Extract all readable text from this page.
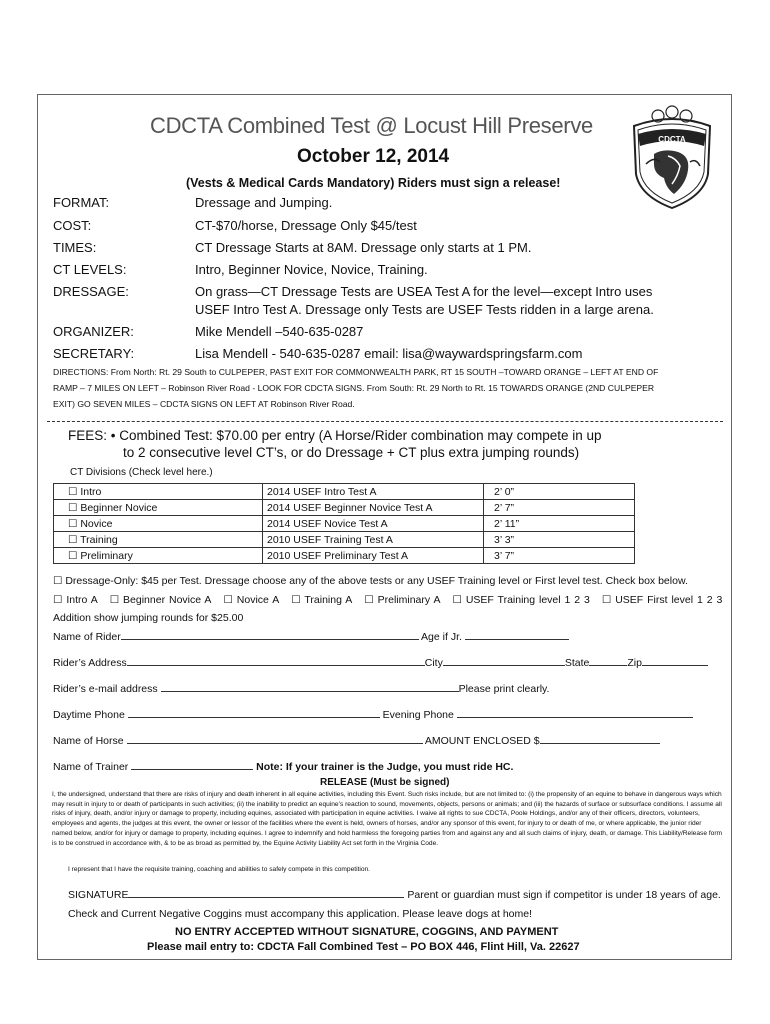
CDCTA
CDCTA Combined Test @ Locust Hill Preserve
October 12, 2014
(Vests & Medical Cards Mandatory) Riders must sign a release!
FORMAT:	Dressage and Jumping.
COST:	CT-$70/horse, Dressage Only $45/test
TIMES:	CT Dressage Starts at 8AM. Dressage only starts at 1 PM.
CT LEVELS:	Intro, Beginner Novice, Novice, Training.
DRESSAGE:	On grass—CT Dressage Tests are USEA Test A for the level—except Intro uses
USEF Intro Test A. Dressage only Tests are USEF Tests ridden in a large arena.
ORGANIZER:	Mike Mendell –540-635-0287
SECRETARY:	Lisa Mendell - 540-635-0287 email: lisa@waywardspringsfarm.com
DIRECTIONS: From North: Rt. 29 South to CULPEPER, PAST EXIT FOR COMMONWEALTH PARK, RT 15 SOUTH –TOWARD ORANGE – LEFT AT END OF
RAMP – 7 MILES ON LEFT – Robinson River Road - LOOK FOR CDCTA SIGNS. From South: Rt. 29 North to Rt. 15 TOWARDS ORANGE (2ND CULPEPER
EXIT) GO SEVEN MILES – CDCTA SIGNS ON LEFT AT Robinson River Road.
FEES: • Combined Test: $70.00 per entry (A Horse/Rider combination may compete in up
to 2 consecutive level CT’s, or do Dressage + CT plus extra jumping rounds)
CT Divisions (Check level here.)
☐ Intro	2014 USEF Intro Test A	2’ 0”
☐ Beginner Novice	2014 USEF Beginner Novice Test A	2’ 7”
☐ Novice	2014 USEF Novice Test A	2’ 11”
☐ Training	2010 USEF Training Test A	3’ 3”
☐ Preliminary	2010 USEF Preliminary Test A	3’ 7”
☐ Dressage-Only: $45 per Test. Dressage choose any of the above tests or any USEF Training level or First level test. Check box below.
☐ Intro A ☐ Beginner Novice A ☐ Novice A ☐ Training A ☐ Preliminary A ☐ USEF Training level 1 2 3 ☐ USEF First level 1 2 3
Addition show jumping rounds for $25.00
Name of Rider	Age if Jr.
Rider’s Address	City	State	Zip
Rider’s e-mail address	Please print clearly.
Daytime Phone	Evening Phone
Name of Horse	AMOUNT ENCLOSED $
Name of Trainer	Note: If your trainer is the Judge, you must ride HC.
RELEASE (Must be signed)
I, the undersigned, understand that there are risks of injury and death inherent in all equine activities, including this Event. Such risks include, but are not limited to: (i) the propensity of an equine to behave in dangerous ways which may result in injury to or death of participants in such activities; (ii) the inability to predict an equine’s reaction to sound, movements, objects, persons or animals; and (iii) the hazards of surface or subsurface conditions. I assume all risks of injury, death, and/or injury or damage to property, including equines, associated with participation in equine activities. I waive all rights to sue CDCTA, Poole Holdings, and/or any of their officers, directors, volunteers, employees and agents, the judges at this event, the owner or lessor of the facilities where the event is held, owners of horses, and/or any sponsor of this event, for injury to or death of me, or where applicable, the junior rider named below, and/or for injury or damage to property, including equines. I agree to indemnify and hold harmless the foregoing parties from and against any and all such claims of injury, death, or damage. This Liability/Release form is to be construed in accordance with, & to be as broad as permitted by, the Equine Activity Liability Act set forth in the Virginia Code.
I represent that I have the requisite training, coaching and abilities to safely compete in this competition.
SIGNATURE	Parent or guardian must sign if competitor is under 18 years of age.
Check and Current Negative Coggins must accompany this application. Please leave dogs at home!
NO ENTRY ACCEPTED WITHOUT SIGNATURE, COGGINS, AND PAYMENT
Please mail entry to: CDCTA Fall Combined Test – PO BOX 446, Flint Hill, Va. 22627
